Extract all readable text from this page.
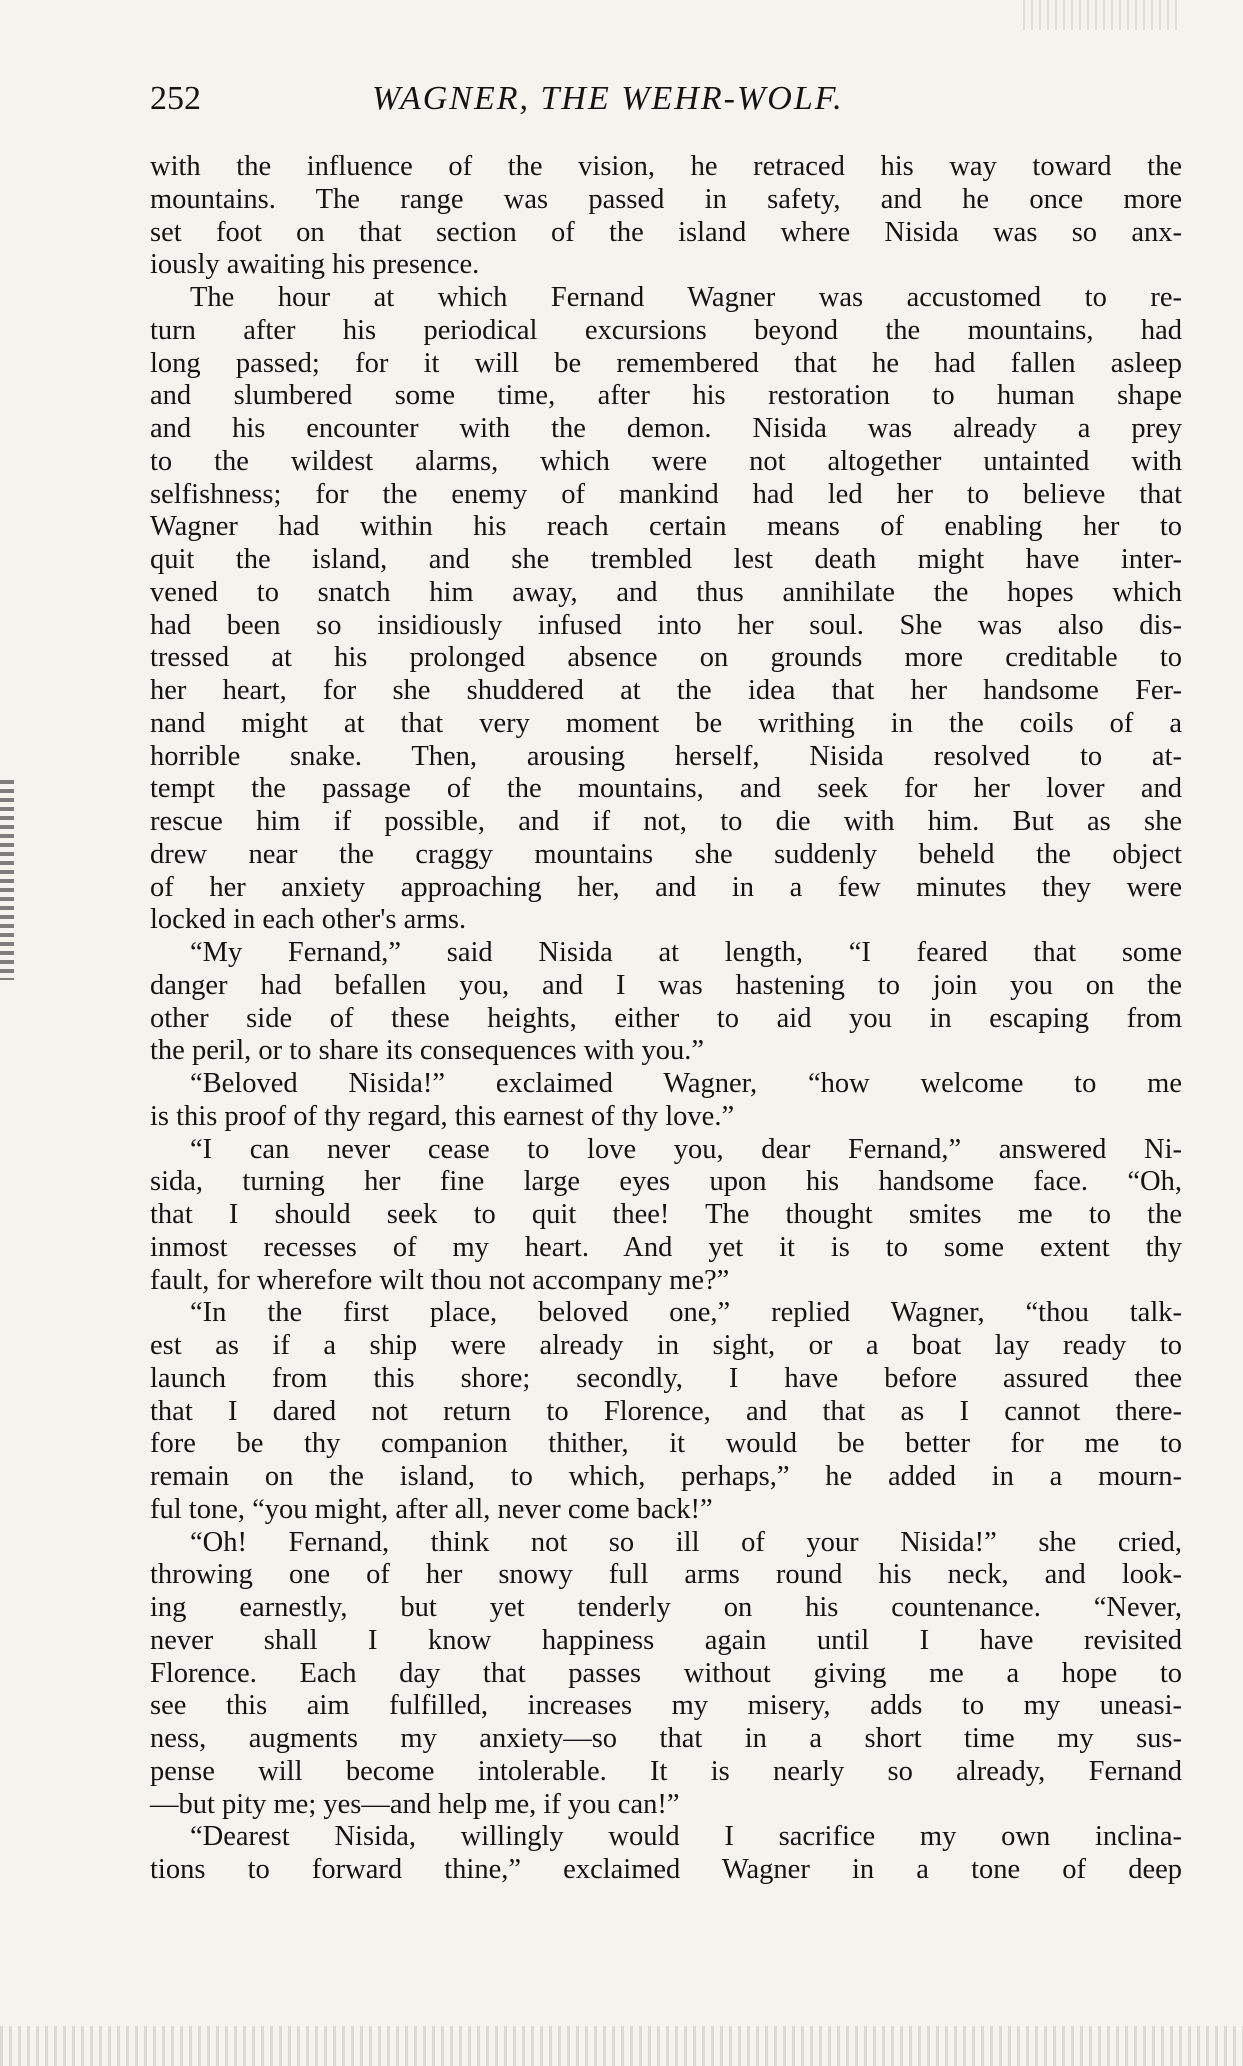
252	WAGNER, THE WEHR-WOLF.
with the influence of the vision, he retraced his way toward the
mountains. The range was passed in safety, and he once more
set foot on that section of the island where Nisida was so anx-
iously awaiting his presence.
The hour at which Fernand Wagner was accustomed to re-
turn after his periodical excursions beyond the mountains, had
long passed; for it will be remembered that he had fallen asleep
and slumbered some time, after his restoration to human shape
and his encounter with the demon. Nisida was already a prey
to the wildest alarms, which were not altogether untainted with
selfishness; for the enemy of mankind had led her to believe that
Wagner had within his reach certain means of enabling her to
quit the island, and she trembled lest death might have inter-
vened to snatch him away, and thus annihilate the hopes which
had been so insidiously infused into her soul. She was also dis-
tressed at his prolonged absence on grounds more creditable to
her heart, for she shuddered at the idea that her handsome Fer-
nand might at that very moment be writhing in the coils of a
horrible snake. Then, arousing herself, Nisida resolved to at-
tempt the passage of the mountains, and seek for her lover and
rescue him if possible, and if not, to die with him. But as she
drew near the craggy mountains she suddenly beheld the object
of her anxiety approaching her, and in a few minutes they were
locked in each other's arms.
“My Fernand,” said Nisida at length, “I feared that some
danger had befallen you, and I was hastening to join you on the
other side of these heights, either to aid you in escaping from
the peril, or to share its consequences with you.”
“Beloved Nisida!” exclaimed Wagner, “how welcome to me
is this proof of thy regard, this earnest of thy love.”
“I can never cease to love you, dear Fernand,” answered Ni-
sida, turning her fine large eyes upon his handsome face. “Oh,
that I should seek to quit thee! The thought smites me to the
inmost recesses of my heart. And yet it is to some extent thy
fault, for wherefore wilt thou not accompany me?”
“In the first place, beloved one,” replied Wagner, “thou talk-
est as if a ship were already in sight, or a boat lay ready to
launch from this shore; secondly, I have before assured thee
that I dared not return to Florence, and that as I cannot there-
fore be thy companion thither, it would be better for me to
remain on the island, to which, perhaps,” he added in a mourn-
ful tone, “you might, after all, never come back!”
“Oh! Fernand, think not so ill of your Nisida!” she cried,
throwing one of her snowy full arms round his neck, and look-
ing earnestly, but yet tenderly on his countenance. “Never,
never shall I know happiness again until I have revisited
Florence. Each day that passes without giving me a hope to
see this aim fulfilled, increases my misery, adds to my uneasi-
ness, augments my anxiety—so that in a short time my sus-
pense will become intolerable. It is nearly so already, Fernand
—but pity me; yes—and help me, if you can!”
“Dearest Nisida, willingly would I sacrifice my own inclina-
tions to forward thine,” exclaimed Wagner in a tone of deep
